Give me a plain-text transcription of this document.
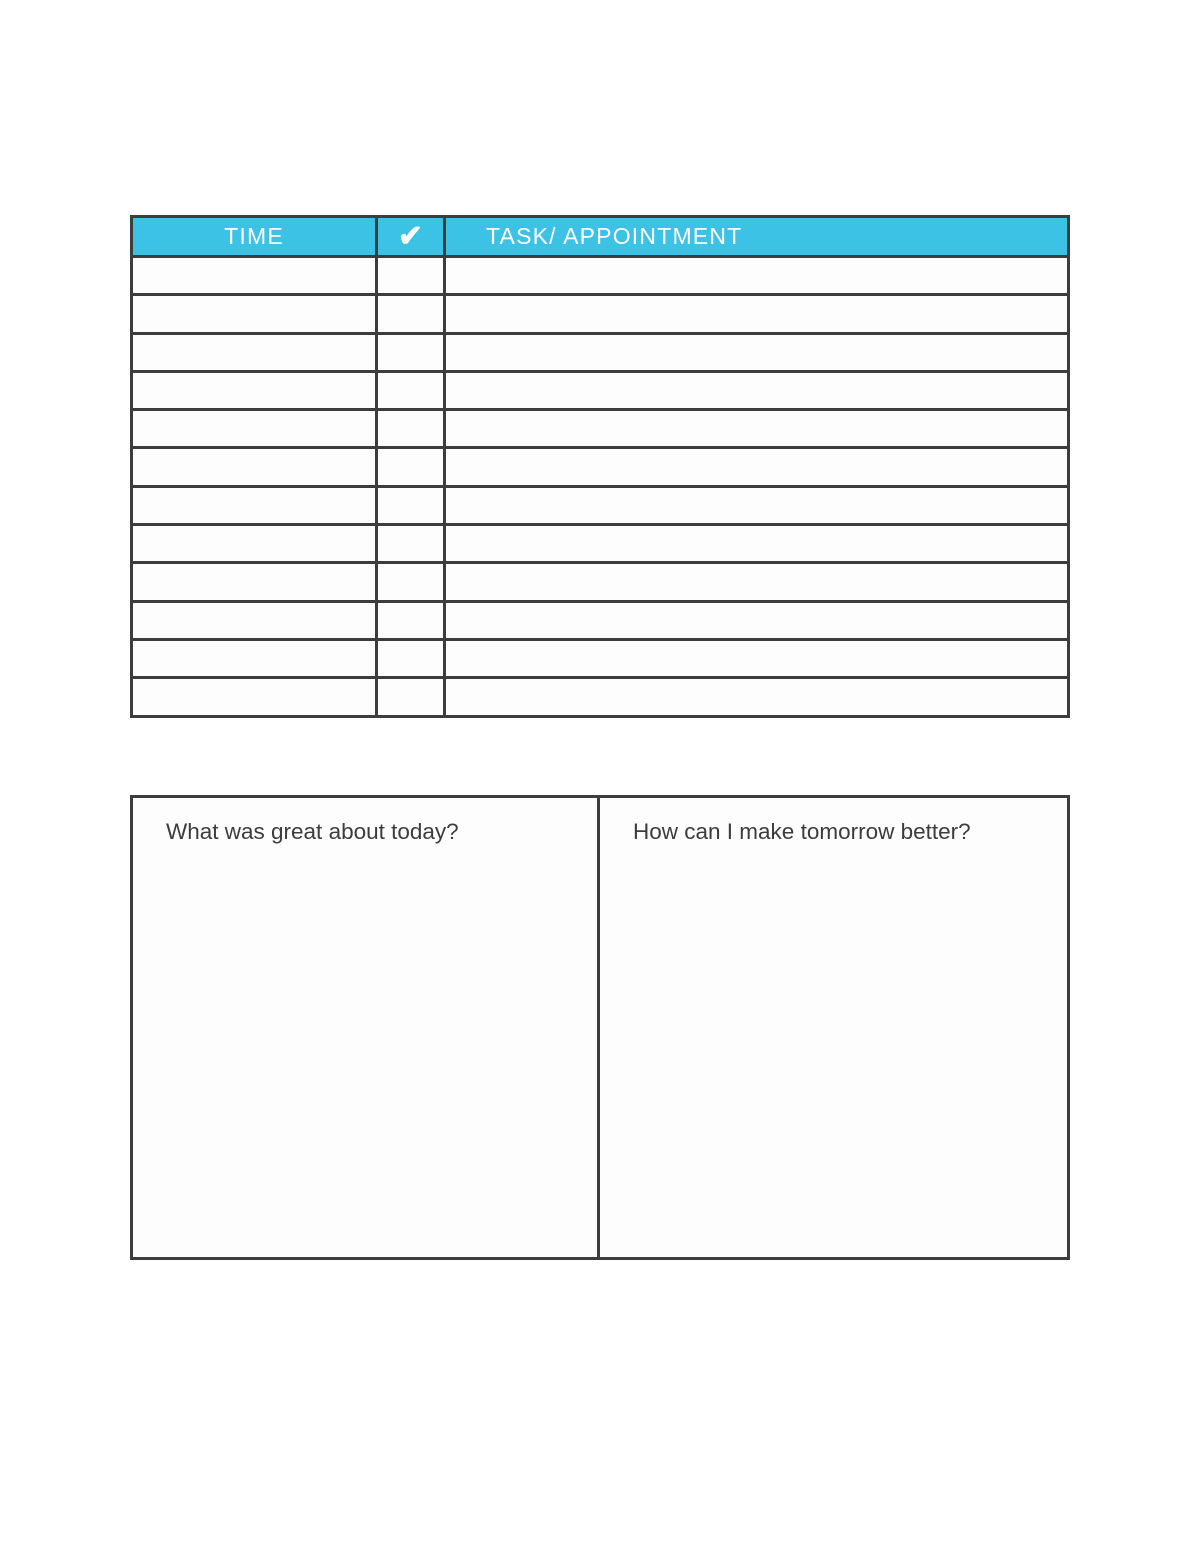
TIME	✔	TASK/ APPOINTMENT

What was great about today?	How can I make tomorrow better?
